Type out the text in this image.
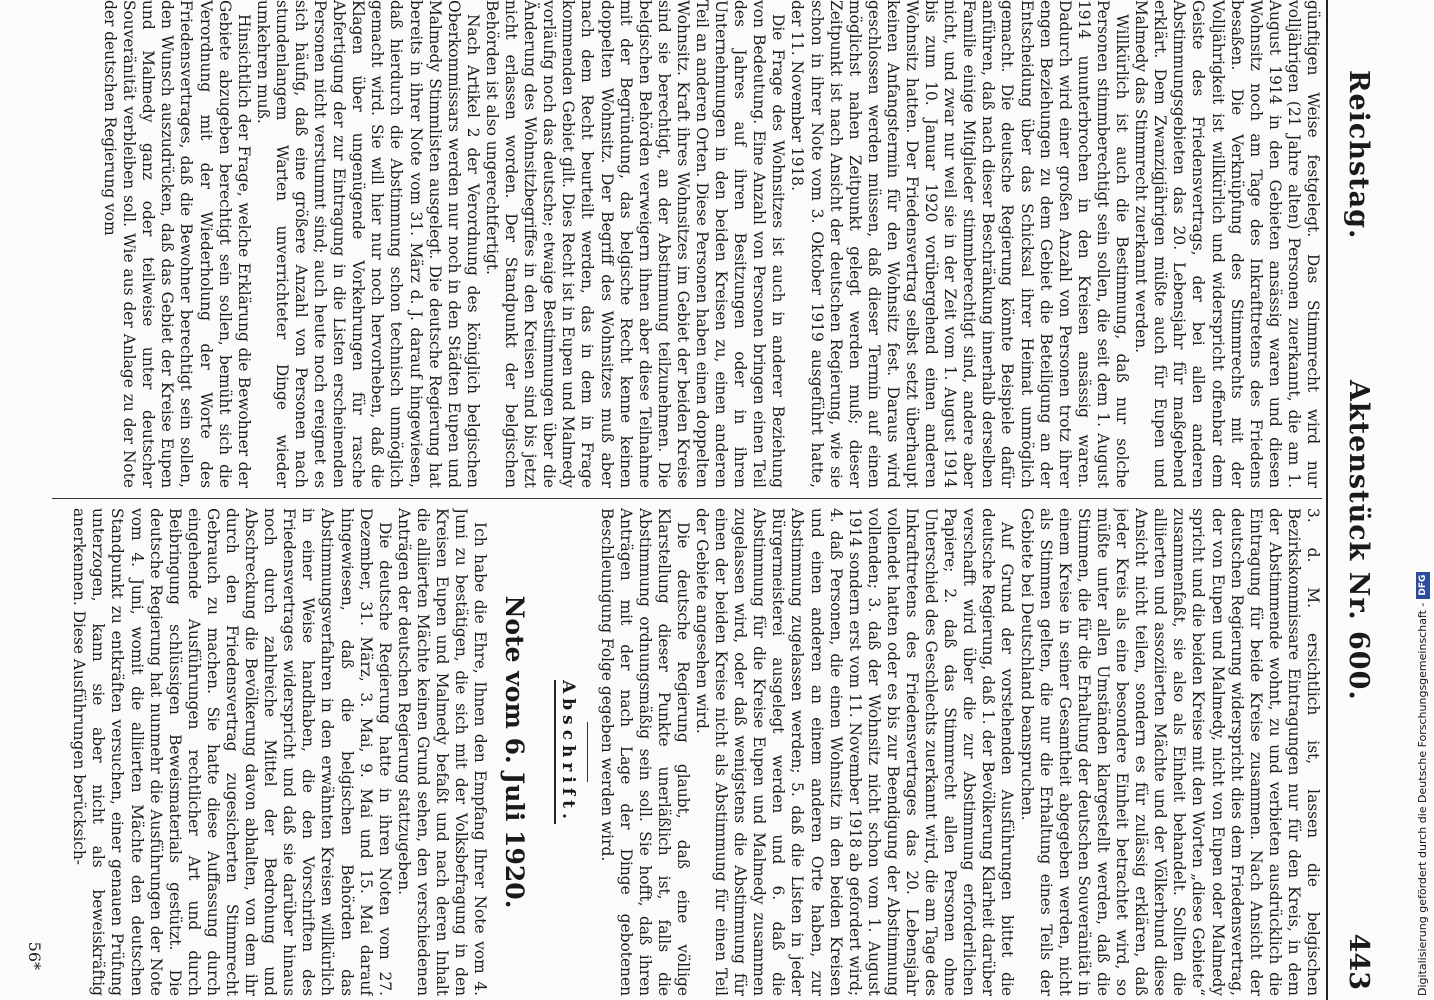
Reichstag.
Aktenstück Nr. 600.
443

günftigen Weise festgelegt. Das Stimmrecht wird nur volljährigen (21 Jahre alten) Personen zuerkannt, die am 1. August 1914 in den Gebieten ansässig waren und diesen Wohnsitz noch am Tage des Inkrafttretens des Friedens besaßen. Die Verknüpfung des Stimmrechts mit der Volljährigkeit ist willkürlich und widerspricht offenbar dem Geiste des Friedensvertrags, der bei allen anderen Abstimmungsgebieten das 20. Lebensjahr für maßgebend erklärt. Dem Zwanzigjährigen müßte auch für Eupen und Malmedy das Stimmrecht zuerkannt werden.

Willkürlich ist auch die Bestimmung, daß nur solche Personen stimmberechtigt sein sollen, die seit dem 1. August 1914 ununterbrochen in den Kreisen ansässig waren. Dadurch wird einer großen Anzahl von Personen trotz ihrer engen Beziehungen zu dem Gebiet die Beteiligung an der Entscheidung über das Schicksal ihrer Heimat unmöglich gemacht. Die deutsche Regierung könnte Beispiele dafür anführen, daß nach dieser Beschränkung innerhalb derselben Familie einige Mitglieder stimmberechtigt sind, andere aber nicht, und zwar nur weil sie in der Zeit vom 1. August 1914 bis zum 10. Januar 1920 vorübergehend einen anderen Wohnsitz hatten. Der Friedensvertrag selbst setzt überhaupt keinen Anfangstermin für den Wohnsitz fest. Daraus wird geschlossen werden müssen, daß dieser Termin auf einen möglichst nahen Zeitpunkt gelegt werden muß; dieser Zeitpunkt ist nach Ansicht der deutschen Regierung, wie sie schon in ihrer Note vom 3. Oktober 1919 ausgeführt hatte, der 11. November 1918.

Die Frage des Wohnsitzes ist auch in anderer Beziehung von Bedeutung. Eine Anzahl von Personen bringen einen Teil des Jahres auf ihren Besitzungen oder in ihren Unternehmungen in den beiden Kreisen zu, einen anderen Teil an anderen Orten. Diese Personen haben einen doppelten Wohnsitz. Kraft ihres Wohnsitzes im Gebiet der beiden Kreise sind sie berechtigt, an der Abstimmung teilzunehmen. Die belgischen Behörden verweigern ihnen aber diese Teilnahme mit der Begründung, das belgische Recht kenne keinen doppelten Wohnsitz. Der Begriff des Wohnsitzes muß aber nach dem Recht beurteilt werden, das in dem in Frage kommenden Gebiet gilt. Dies Recht ist in Eupen und Malmedy vorläufig noch das deutsche; etwaige Bestimmungen über die Änderung des Wohnsitzbegriffes in den Kreisen sind bis jetzt nicht erlassen worden. Der Standpunkt der belgischen Behörden ist also ungerechtfertigt.

Nach Artikel 2 der Verordnung des königlich belgischen Oberkommissars werden nur noch in den Städten Eupen und Malmedy Stimmlisten ausgelegt. Die deutsche Regierung hat bereits in ihrer Note vom 31. März d. J. darauf hingewiesen, daß hierdurch die Abstimmung schon technisch unmöglich gemacht wird. Sie will hier nur noch hervorheben, daß die Klagen über ungenügende Vorkehrungen für rasche Abfertigung der zur Eintragung in die Listen erscheinenden Personen nicht verstummt sind; auch heute noch ereignet es sich häufig, daß eine größere Anzahl von Personen nach stundenlangem Warten unverrichteter Dinge wieder umkehren muß.

Hinsichtlich der Frage, welche Erklärung die Bewohner der Gebiete abzugeben berechtigt sein sollen, bemüht sich die Verordnung mit der Wiederholung der Worte des Friedensvertrages, daß die Bewohner berechtigt sein sollen, den Wunsch auszudrücken, daß das Gebiet der Kreise Eupen und Malmedy ganz oder teilweise unter deutscher Souveränität verbleiben soll. Wie aus der Anlage zu der Note der deutschen Regierung vom

3. d. M. ersichtlich ist, lassen die belgischen Bezirkskommissare Eintragungen nur für den Kreis, in dem der Abstimmende wohnt, zu und verbieten ausdrücklich die Eintragung für beide Kreise zusammen. Nach Ansicht der deutschen Regierung widerspricht dies dem Friedensvertrag, der von Eupen und Malmedy, nicht von Eupen oder Malmedy spricht und die beiden Kreise mit den Worten „diese Gebiete“ zusammenfaßt, sie also als Einheit behandelt. Sollten die alliierten und assoziierten Mächte und der Völkerbund diese Ansicht nicht teilen, sondern es für zulässig erklären, daß jeder Kreis als eine besondere Einheit betrachtet wird, so müßte unter allen Umständen klargestellt werden, daß die Stimmen, die für die Erhaltung der deutschen Souveränität in einem Kreise in seiner Gesamtheit abgegeben werden, nicht als Stimmen gelten, die nur die Erhaltung eines Teils der Gebiete bei Deutschland beanspruchen.

Auf Grund der vorstehenden Ausführungen bittet die deutsche Regierung, daß 1. der Bevölkerung Klarheit darüber verschafft wird über die zur Abstimmung erforderlichen Papiere; 2. daß das Stimmrecht allen Personen ohne Unterschied des Geschlechts zuerkannt wird, die am Tage des Inkrafttretens des Friedensvertrages das 20. Lebensjahr vollendet hatten oder es bis zur Beendigung der Abstimmung vollenden; 3. daß der Wohnsitz nicht schon vom 1. August 1914 sondern erst vom 11. November 1918 ab gefordert wird; 4. daß Personen, die einen Wohnsitz in den beiden Kreisen und einen anderen an einem anderen Orte haben, zur Abstimmung zugelassen werden; 5. daß die Listen in jeder Bürgermeisterei ausgelegt werden und 6. daß die Abstimmung für die Kreise Eupen und Malmedy zusammen zugelassen wird, oder daß wenigstens die Abstimmung für einen der beiden Kreise nicht als Abstimmung für einen Teil der Gebiete angesehen wird.

Die deutsche Regierung glaubt, daß eine völlige Klarstellung dieser Punkte unerläßlich ist, falls die Abstimmung ordnungsmäßig sein soll. Sie hofft, daß ihren Anträgen mit der nach Lage der Dinge gebotenen Beschleunigung Folge gegeben werden wird.

Abschrift.
Note vom 6. Juli 1920.

Ich habe die Ehre, Ihnen den Empfang Ihrer Note vom 4. Juni zu bestätigen, die sich mit der Volksbefragung in den Kreisen Eupen und Malmedy befaßt und nach deren Inhalt die alliierten Mächte keinen Grund sehen, den verschiedenen Anträgen der deutschen Regierung stattzugeben.

Die deutsche Regierung hatte in ihren Noten vom 27. Dezember, 31. März, 3. Mai, 9. Mai und 15. Mai darauf hingewiesen, daß die belgischen Behörden das Abstimmungsverfahren in den erwähnten Kreisen willkürlich in einer Weise handhaben, die den Vorschriften des Friedensvertrages widerspricht und daß sie darüber hinaus noch durch zahlreiche Mittel der Bedrohung und Abschreckung die Bevölkerung davon abhalten, von dem ihr durch den Friedensvertrag zugesicherten Stimmrecht Gebrauch zu machen. Sie hatte diese Auffassung durch eingehende Ausführungen rechtlicher Art und durch Beibringung schlüssigen Beweismaterials gestützt. Die deutsche Regierung hat nunmehr die Ausführungen der Note vom 4. Juni, womit die alliierten Mächte den deutschen Standpunkt zu entkräften versuchen, einer genauen Prüfung unterzogen, kann sie aber nicht als beweiskräftig anerkennen. Diese Ausführungen berücksich-

56*	Digitalisierung gefördert durch die Deutsche Forschungsgemeinschaft -DFG
